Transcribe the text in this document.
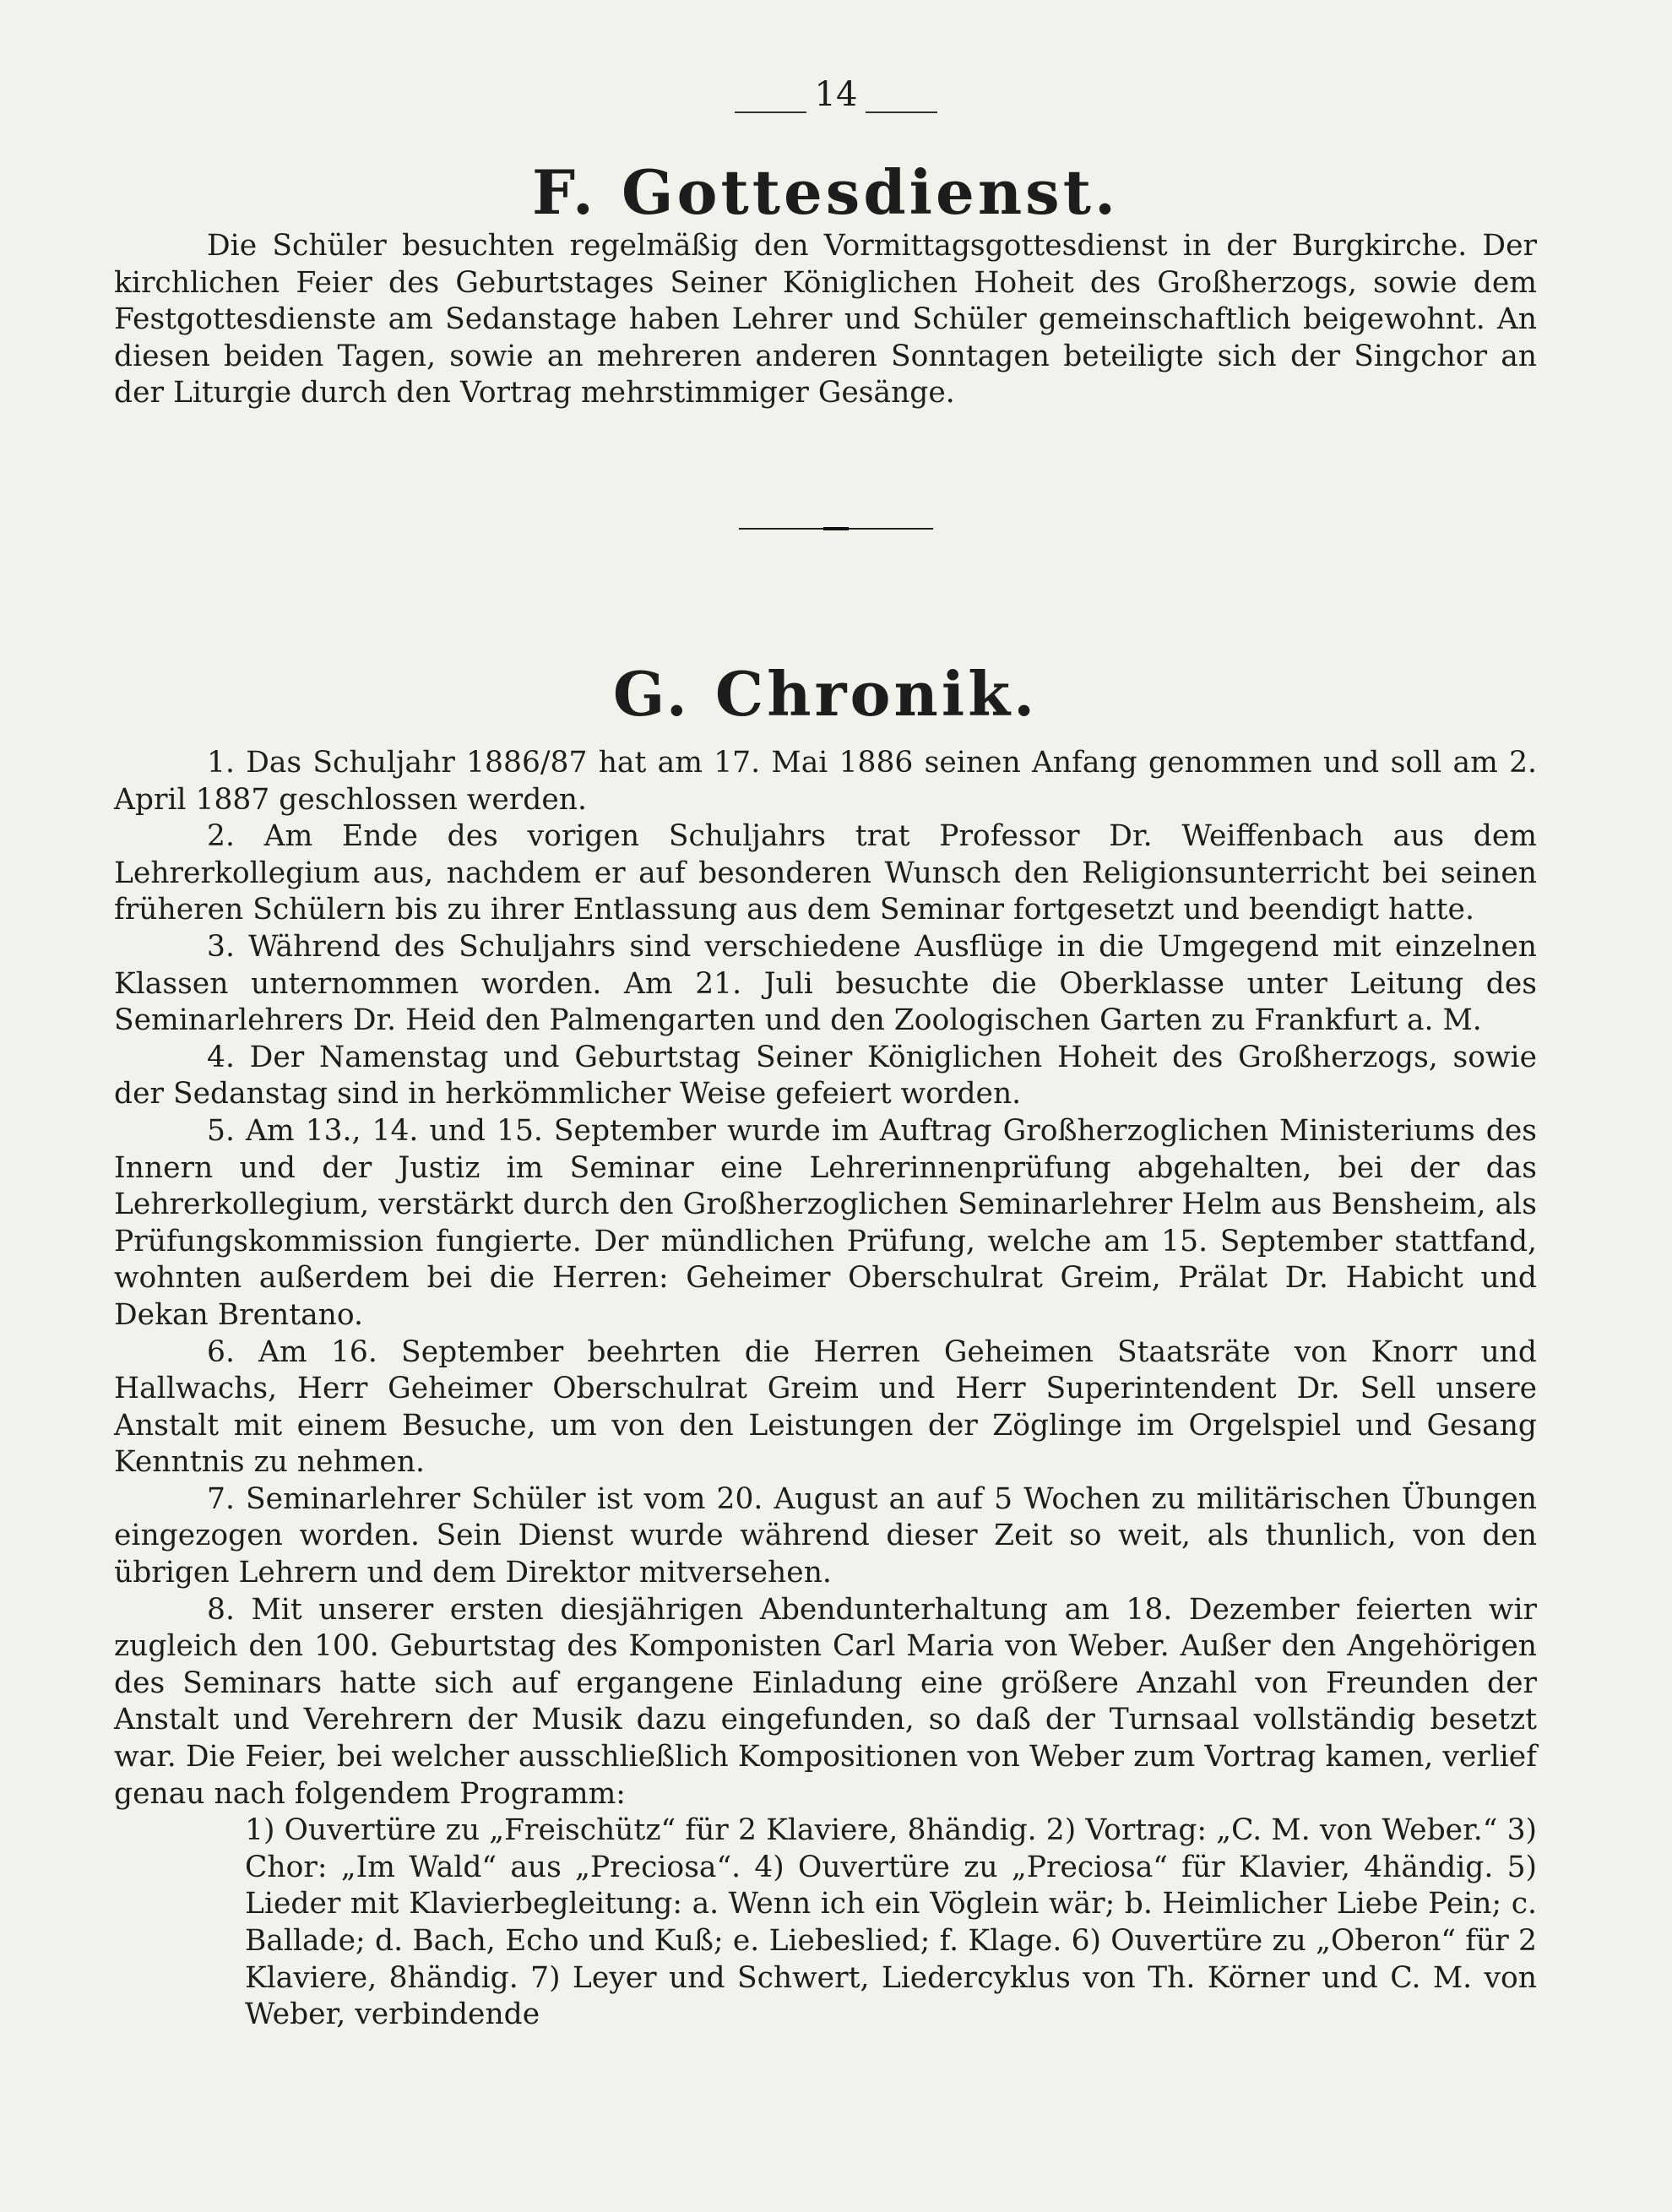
14
F. Gottesdienst.

Die Schüler besuchten regelmäßig den Vormittagsgottesdienst in der Burgkirche. Der kirchlichen Feier des Geburtstages Seiner Königlichen Hoheit des Großherzogs, sowie dem Festgottesdienste am Sedanstage haben Lehrer und Schüler gemeinschaftlich beigewohnt. An diesen beiden Tagen, sowie an mehreren anderen Sonntagen beteiligte sich der Singchor an der Liturgie durch den Vortrag mehrstimmiger Gesänge.

G. Chronik.

1. Das Schuljahr 1886/87 hat am 17. Mai 1886 seinen Anfang genommen und soll am 2. April 1887 geschlossen werden.

2. Am Ende des vorigen Schuljahrs trat Professor Dr. Weiffenbach aus dem Lehrerkollegium aus, nachdem er auf besonderen Wunsch den Religionsunterricht bei seinen früheren Schülern bis zu ihrer Entlassung aus dem Seminar fortgesetzt und beendigt hatte.

3. Während des Schuljahrs sind verschiedene Ausflüge in die Umgegend mit einzelnen Klassen unternommen worden. Am 21. Juli besuchte die Oberklasse unter Leitung des Seminarlehrers Dr. Heid den Palmengarten und den Zoologischen Garten zu Frankfurt a. M.

4. Der Namenstag und Geburtstag Seiner Königlichen Hoheit des Großherzogs, sowie der Sedanstag sind in herkömmlicher Weise gefeiert worden.

5. Am 13., 14. und 15. September wurde im Auftrag Großherzoglichen Ministeriums des Innern und der Justiz im Seminar eine Lehrerinnenprüfung abgehalten, bei der das Lehrerkollegium, verstärkt durch den Großherzoglichen Seminarlehrer Helm aus Bensheim, als Prüfungskommission fungierte. Der mündlichen Prüfung, welche am 15. September stattfand, wohnten außerdem bei die Herren: Geheimer Oberschulrat Greim, Prälat Dr. Habicht und Dekan Brentano.

6. Am 16. September beehrten die Herren Geheimen Staatsräte von Knorr und Hallwachs, Herr Geheimer Oberschulrat Greim und Herr Superintendent Dr. Sell unsere Anstalt mit einem Besuche, um von den Leistungen der Zöglinge im Orgelspiel und Gesang Kenntnis zu nehmen.

7. Seminarlehrer Schüler ist vom 20. August an auf 5 Wochen zu militärischen Übungen eingezogen worden. Sein Dienst wurde während dieser Zeit so weit, als thunlich, von den übrigen Lehrern und dem Direktor mitversehen.

8. Mit unserer ersten diesjährigen Abendunterhaltung am 18. Dezember feierten wir zugleich den 100. Geburtstag des Komponisten Carl Maria von Weber. Außer den Angehörigen des Seminars hatte sich auf ergangene Einladung eine größere Anzahl von Freunden der Anstalt und Verehrern der Musik dazu eingefunden, so daß der Turnsaal vollständig besetzt war. Die Feier, bei welcher ausschließlich Kompositionen von Weber zum Vortrag kamen, verlief genau nach folgendem Programm:

1) Ouvertüre zu „Freischütz“ für 2 Klaviere, 8händig. 2) Vortrag: „C. M. von Weber.“ 3) Chor: „Im Wald“ aus „Preciosa“. 4) Ouvertüre zu „Preciosa“ für Klavier, 4händig. 5) Lieder mit Klavierbegleitung: a. Wenn ich ein Vöglein wär; b. Heimlicher Liebe Pein; c. Ballade; d. Bach, Echo und Kuß; e. Liebeslied; f. Klage. 6) Ouvertüre zu „Oberon“ für 2 Klaviere, 8händig. 7) Leyer und Schwert, Liedercyklus von Th. Körner und C. M. von Weber, verbindende
